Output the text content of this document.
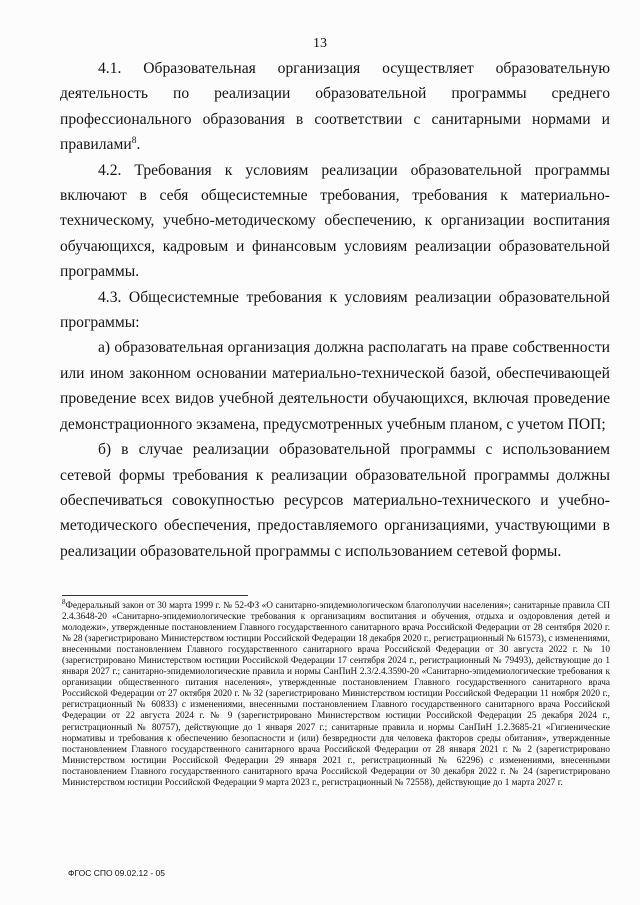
13

4.1. Образовательная организация осуществляет образовательную деятельность по реализации образовательной программы среднего профессионального образования в соответствии с санитарными нормами и правилами$^8$.

4.2. Требования к условиям реализации образовательной программы включают в себя общесистемные требования, требования к материально-техническому, учебно-методическому обеспечению, к организации воспитания обучающихся, кадровым и финансовым условиям реализации образовательной программы.

4.3. Общесистемные требования к условиям реализации образовательной программы:

а) образовательная организация должна располагать на праве собственности или ином законном основании материально-технической базой, обеспечивающей проведение всех видов учебной деятельности обучающихся, включая проведение демонстрационного экзамена, предусмотренных учебным планом, с учетом ПОП;

б) в случае реализации образовательной программы с использованием сетевой формы требования к реализации образовательной программы должны обеспечиваться совокупностью ресурсов материально-технического и учебно-методического обеспечения, предоставляемого организациями, участвующими в реализации образовательной программы с использованием сетевой формы.

$^8$Федеральный закон от 30 марта 1999 г. № 52-ФЗ «О санитарно-эпидемиологическом благополучии населения»; санитарные правила СП 2.4.3648-20 «Санитарно-эпидемиологические требования к организациям воспитания и обучения, отдыха и оздоровления детей и молодежи», утвержденные постановлением Главного государственного санитарного врача Российской Федерации от 28 сентября 2020 г. № 28 (зарегистрировано Министерством юстиции Российской Федерации 18 декабря 2020 г., регистрационный № 61573), с изменениями, внесенными постановлением Главного государственного санитарного врача Российской Федерации от 30 августа 2022 г. № 10 (зарегистрировано Министерством юстиции Российской Федерации 17 сентября 2024 г., регистрационный № 79493), действующие до 1 января 2027 г.; санитарно-эпидемиологические правила и нормы СанПиН 2.3/2.4.3590-20 «Санитарно-эпидемиологические требования к организации общественного питания населения», утвержденные постановлением Главного государственного санитарного врача Российской Федерации от 27 октября 2020 г. № 32 (зарегистрировано Министерством юстиции Российской Федерации 11 ноября 2020 г., регистрационный № 60833) с изменениями, внесенными постановлением Главного государственного санитарного врача Российской Федерации от 22 августа 2024 г. № 9 (зарегистрировано Министерством юстиции Российской Федерации 25 декабря 2024 г., регистрационный № 80757), действующие до 1 января 2027 г.; санитарные правила и нормы СанПиН 1.2.3685-21 «Гигиенические нормативы и требования к обеспечению безопасности и (или) безвредности для человека факторов среды обитания», утвержденные постановлением Главного государственного санитарного врача Российской Федерации от 28 января 2021 г. № 2 (зарегистрировано Министерством юстиции Российской Федерации 29 января 2021 г., регистрационный № 62296) с изменениями, внесенными постановлением Главного государственного санитарного врача Российской Федерации от 30 декабря 2022 г. № 24 (зарегистрировано Министерством юстиции Российской Федерации 9 марта 2023 г., регистрационный № 72558), действующие до 1 марта 2027 г.

ФГОС СПО 09.02.12 - 05
